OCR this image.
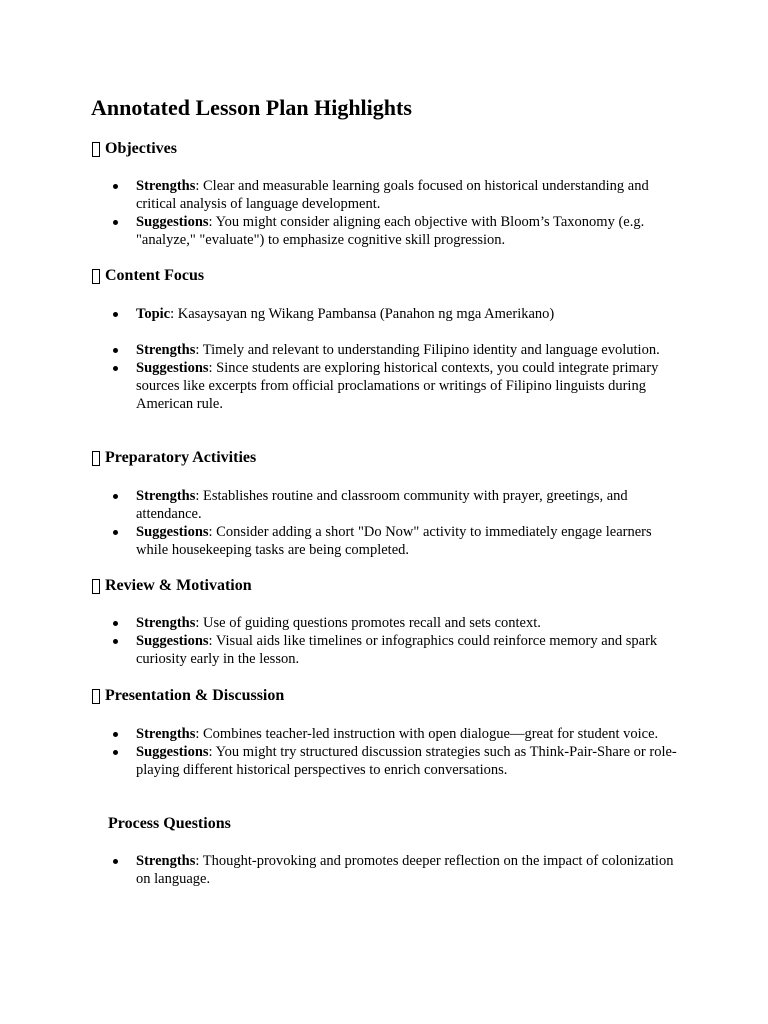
Annotated Lesson Plan Highlights
Objectives
Strengths: Clear and measurable learning goals focused on historical understanding and critical analysis of language development.
Suggestions: You might consider aligning each objective with Bloom’s Taxonomy (e.g. "analyze," "evaluate") to emphasize cognitive skill progression.
Content Focus
Topic: Kasaysayan ng Wikang Pambansa (Panahon ng mga Amerikano)
Strengths: Timely and relevant to understanding Filipino identity and language evolution.
Suggestions: Since students are exploring historical contexts, you could integrate primary sources like excerpts from official proclamations or writings of Filipino linguists during American rule.
Preparatory Activities
Strengths: Establishes routine and classroom community with prayer, greetings, and attendance.
Suggestions: Consider adding a short "Do Now" activity to immediately engage learners while housekeeping tasks are being completed.
Review & Motivation
Strengths: Use of guiding questions promotes recall and sets context.
Suggestions: Visual aids like timelines or infographics could reinforce memory and spark curiosity early in the lesson.
Presentation & Discussion
Strengths: Combines teacher-led instruction with open dialogue—great for student voice.
Suggestions: You might try structured discussion strategies such as Think-Pair-Share or role-playing different historical perspectives to enrich conversations.
Process Questions
Strengths: Thought-provoking and promotes deeper reflection on the impact of colonization on language.
